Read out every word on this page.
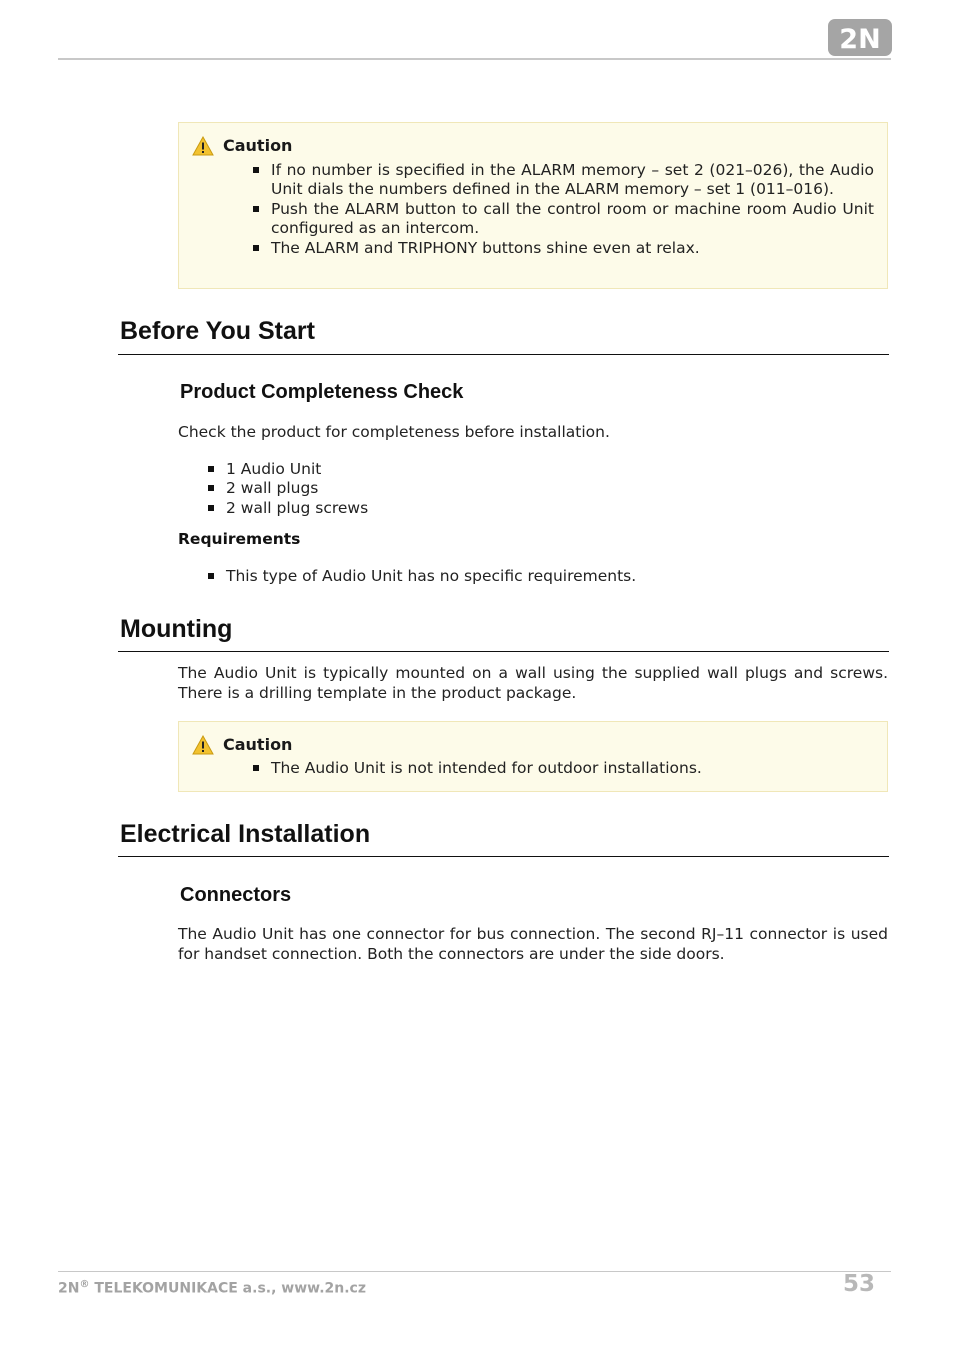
2N
Caution
If no number is specified in the ALARM memory – set 2 (021–026), the Audio Unit dials the numbers defined in the ALARM memory – set 1 (011–016).
Push the ALARM button to call the control room or machine room Audio Unit configured as an intercom.
The ALARM and TRIPHONY buttons shine even at relax.
Before You Start
Product Completeness Check

Check the product for completeness before installation.

1 Audio Unit
2 wall plugs
2 wall plug screws
Requirements
This type of Audio Unit has no specific requirements.
Mounting

The Audio Unit is typically mounted on a wall using the supplied wall plugs and screws. There is a drilling template in the product package.

Caution
The Audio Unit is not intended for outdoor installations.
Electrical Installation
Connectors

The Audio Unit has one connector for bus connection. The second RJ–11 connector is used for handset connection. Both the connectors are under the side doors.

2N® TELEKOMUNIKACE a.s., www.2n.cz	53
